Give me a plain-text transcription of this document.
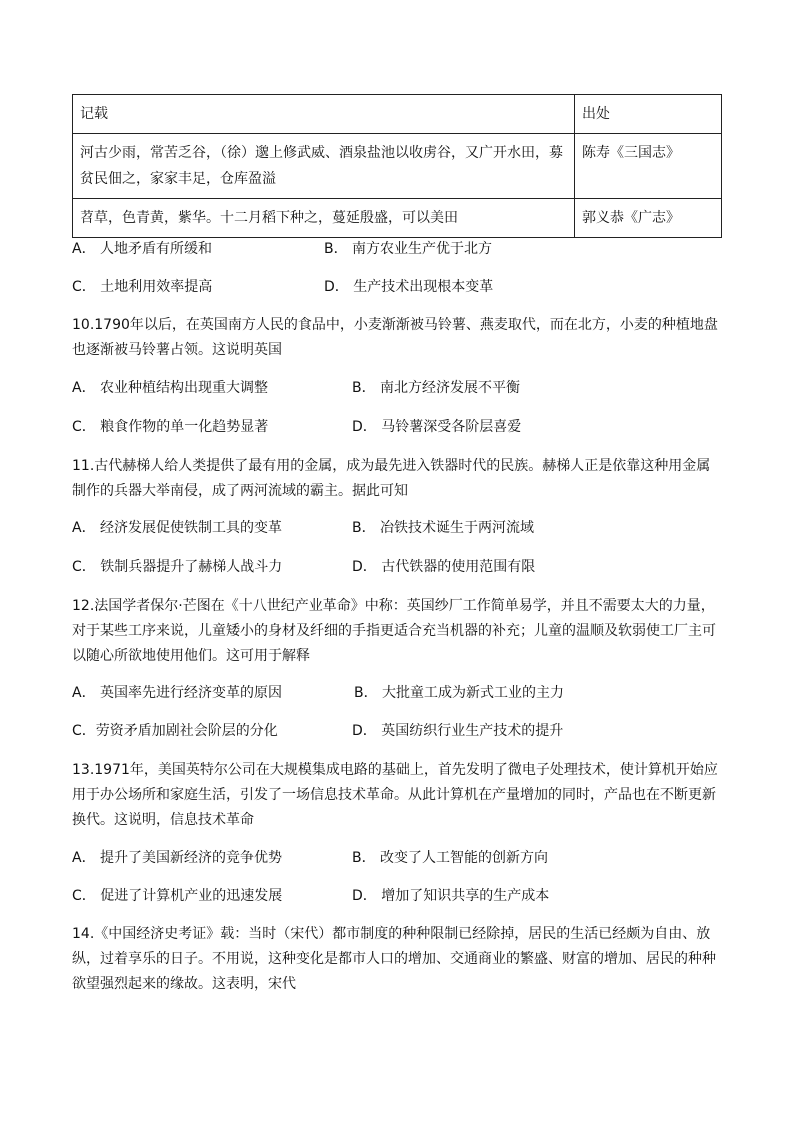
记载	出处
河古少雨，常苦乏谷，（徐）邈上修武威、酒泉盐池以收虏谷，又广开水田，募贫民佃之，家家丰足，仓库盈溢	陈寿《三国志》
苕草，色青黄，紫华。十二月稻下种之，蔓延殷盛，可以美田	郭义恭《广志》
A． 人地矛盾有所缓和	B． 南方农业生产优于北方
C． 土地利用效率提高	D． 生产技术出现根本变革
10.1790年以后，在英国南方人民的食品中，小麦渐渐被马铃薯、燕麦取代，而在北方，小麦的种植地盘也逐渐被马铃薯占领。这说明英国
A． 农业种植结构出现重大调整	B． 南北方经济发展不平衡
C． 粮食作物的单一化趋势显著	D． 马铃薯深受各阶层喜爱
11.古代赫梯人给人类提供了最有用的金属，成为最先进入铁器时代的民族。赫梯人正是依靠这种用金属制作的兵器大举南侵，成了两河流域的霸主。据此可知
A． 经济发展促使铁制工具的变革	B． 冶铁技术诞生于两河流域
C． 铁制兵器提升了赫梯人战斗力	D． 古代铁器的使用范围有限
12.法国学者保尔·芒图在《十八世纪产业革命》中称：英国纱厂工作简单易学，并且不需要太大的力量，对于某些工序来说，儿童矮小的身材及纤细的手指更适合充当机器的补充；儿童的温顺及软弱使工厂主可以随心所欲地使用他们。这可用于解释
A． 英国率先进行经济变革的原因	B． 大批童工成为新式工业的主力
C．劳资矛盾加剧社会阶层的分化	D． 英国纺织行业生产技术的提升
13.1971年，美国英特尔公司在大规模集成电路的基础上，首先发明了微电子处理技术，使计算机开始应用于办公场所和家庭生活，引发了一场信息技术革命。从此计算机在产量增加的同时，产品也在不断更新换代。这说明，信息技术革命
A． 提升了美国新经济的竞争优势	B． 改变了人工智能的创新方向
C． 促进了计算机产业的迅速发展	D． 增加了知识共享的生产成本
14.《中国经济史考证》载：当时（宋代）都市制度的种种限制已经除掉，居民的生活已经颇为自由、放纵，过着享乐的日子。不用说，这种变化是都市人口的增加、交通商业的繁盛、财富的增加、居民的种种欲望强烈起来的缘故。这表明，宋代
